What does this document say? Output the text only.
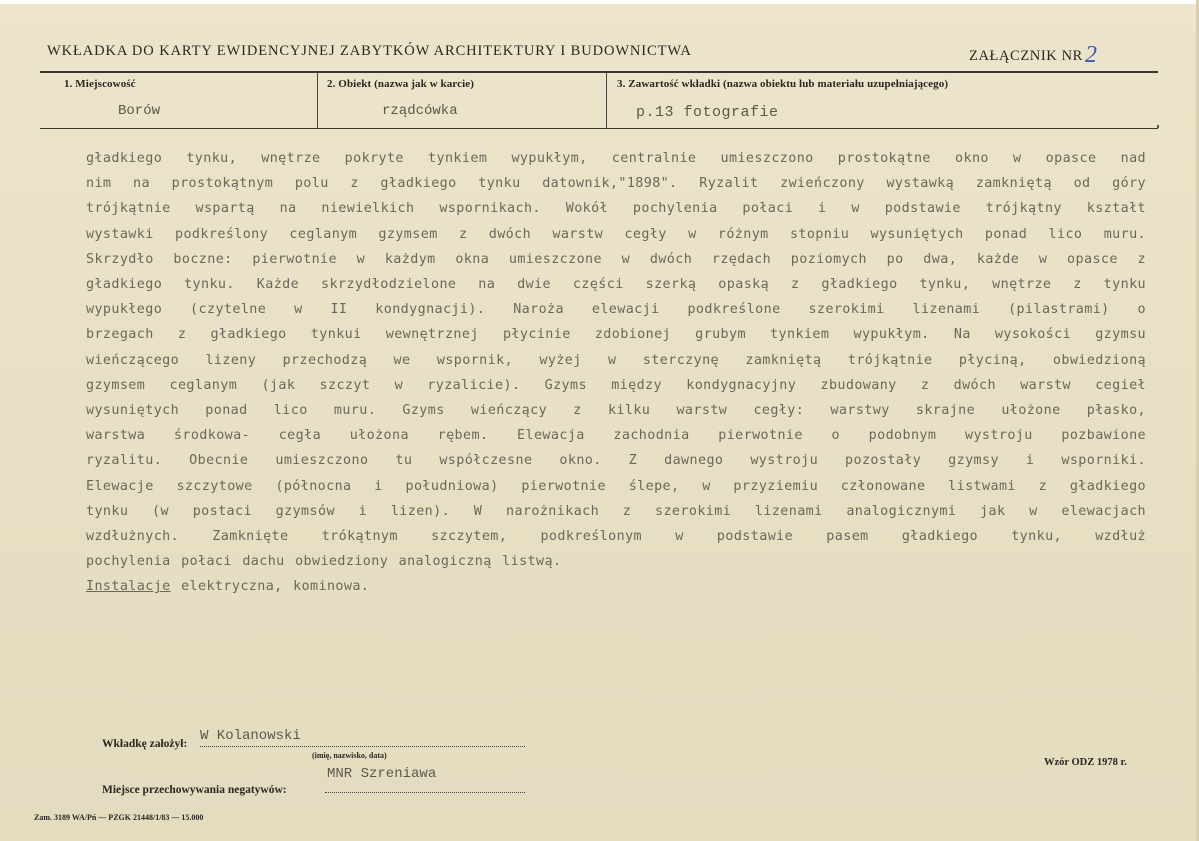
WKŁADKA DO KARTY EWIDENCYJNEJ ZABYTKÓW ARCHITEKTURY I BUDOWNICTWA	ZAŁĄCZNIK NR2
1. Miejscowość
Borów
2. Obiekt (nazwa jak w karcie)
rządcówka
3. Zawartość wkładki (nazwa obiektu lub materiału uzupełniającego)
p.13 fotografie
gładkiego tynku, wnętrze pokryte tynkiem wypukłym, centralnie umieszczono prostokątne okno w opasce nad
nim na prostokątnym polu z gładkiego tynku datownik,"1898". Ryzalit zwieńczony wystawką zamkniętą od góry
trójkątnie wspartą na niewielkich wspornikach. Wokół pochylenia połaci i w podstawie trójkątny kształt
wystawki podkreślony ceglanym gzymsem z dwóch warstw cegły w różnym stopniu wysuniętych ponad lico muru.
Skrzydło boczne: pierwotnie w każdym okna umieszczone w dwóch rzędach poziomych po dwa, każde w opasce z
gładkiego tynku. Każde skrzydłodzielone na dwie części szerką opaską z gładkiego tynku, wnętrze z tynku
wypukłego (czytelne w II kondygnacji). Naroża elewacji podkreślone szerokimi lizenami (pilastrami) o
brzegach z gładkiego tynkui wewnętrznej płycinie zdobionej grubym tynkiem wypukłym. Na wysokości gzymsu
wieńczącego lizeny przechodzą we wspornik, wyżej w sterczynę zamkniętą trójkątnie płyciną, obwiedzioną
gzymsem ceglanym (jak szczyt w ryzalicie). Gzyms między kondygnacyjny zbudowany z dwóch warstw cegieł
wysuniętych ponad lico muru. Gzyms wieńczący z kilku warstw cegły: warstwy skrajne ułożone płasko,
warstwa środkowa- cegła ułożona rębem. Elewacja zachodnia pierwotnie o podobnym wystroju pozbawione
ryzalitu. Obecnie umieszczono tu współczesne okno. Z dawnego wystroju pozostały gzymsy i wsporniki.
Elewacje szczytowe (północna i południowa) pierwotnie ślepe, w przyziemiu członowane listwami z gładkiego
tynku (w postaci gzymsów i lizen). W narożnikach z szerokimi lizenami analogicznymi jak w elewacjach
wzdłużnych. Zamknięte trókątnym szczytem, podkreślonym w podstawie pasem gładkiego tynku, wzdłuż
pochylenia połaci dachu obwiedziony analogiczną listwą.
Instalacje elektryczna, kominowa.
Wkładkę założył: W Kolanowski
(imię, nazwisko, data)
MNR Szreniawa
Miejsce przechowywania negatywów:
Wzór ODZ 1978 r.
Zam. 3189 WA/Pń — PZGK 21448/1/83 — 15.000
